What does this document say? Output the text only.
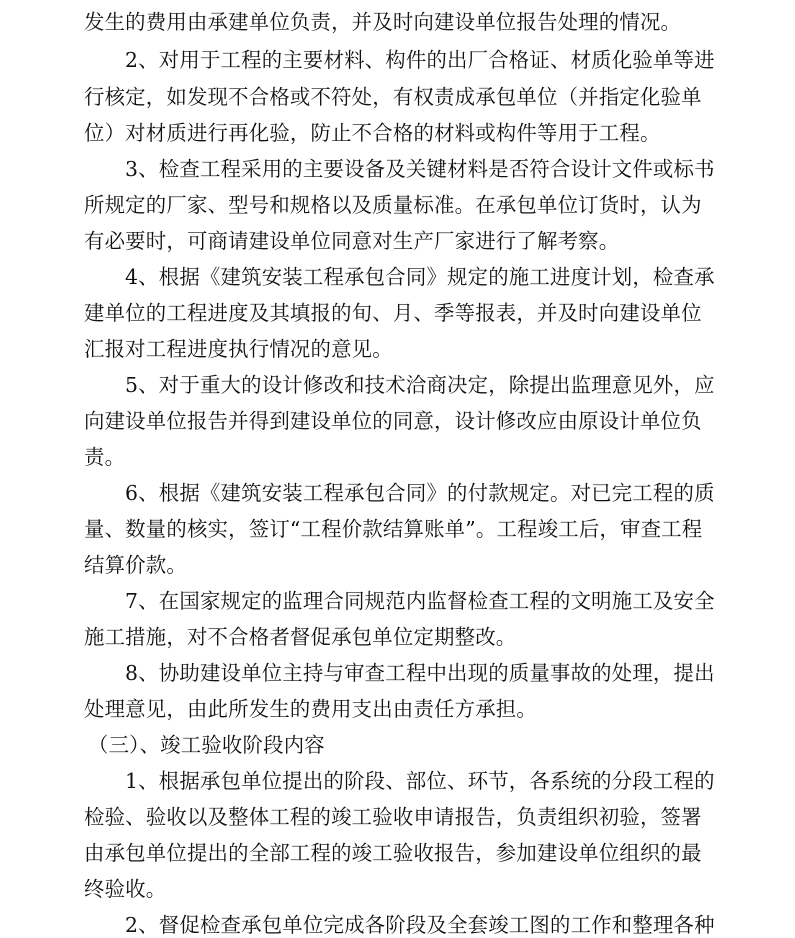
发生的费用由承建单位负责，并及时向建设单位报告处理的情况。
2、对用于工程的主要材料、构件的出厂合格证、材质化验单等进
行核定，如发现不合格或不符处，有权责成承包单位（并指定化验单
位）对材质进行再化验，防止不合格的材料或构件等用于工程。
3、检查工程采用的主要设备及关键材料是否符合设计文件或标书
所规定的厂家、型号和规格以及质量标准。在承包单位订货时，认为
有必要时，可商请建设单位同意对生产厂家进行了解考察。
4、根据《建筑安装工程承包合同》规定的施工进度计划，检查承
建单位的工程进度及其填报的旬、月、季等报表，并及时向建设单位
汇报对工程进度执行情况的意见。
5、对于重大的设计修改和技术洽商决定，除提出监理意见外，应
向建设单位报告并得到建设单位的同意，设计修改应由原设计单位负
责。
6、根据《建筑安装工程承包合同》的付款规定。对已完工程的质
量、数量的核实，签订“工程价款结算账单”。工程竣工后，审查工程
结算价款。
7、在国家规定的监理合同规范内监督检查工程的文明施工及安全
施工措施，对不合格者督促承包单位定期整改。
8、协助建设单位主持与审查工程中出现的质量事故的处理，提出
处理意见，由此所发生的费用支出由责任方承担。
（三）、竣工验收阶段内容
1、根据承包单位提出的阶段、部位、环节，各系统的分段工程的
检验、验收以及整体工程的竣工验收申请报告，负责组织初验，签署
由承包单位提出的全部工程的竣工验收报告，参加建设单位组织的最
终验收。
2、督促检查承包单位完成各阶段及全套竣工图的工作和整理各种
